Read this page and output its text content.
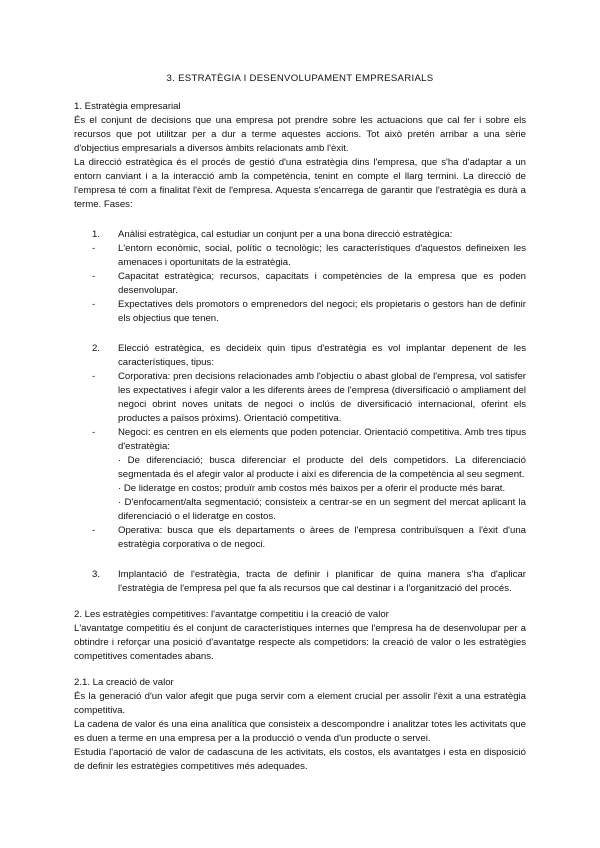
3. ESTRATÈGIA I DESENVOLUPAMENT EMPRESARIALS

1. Estratègia empresarial

És el conjunt de decisions que una empresa pot prendre sobre les actuacions que cal fer i sobre els recursos que pot utilitzar per a dur a terme aquestes accions. Tot això pretén arribar a una sèrie d'objectius empresarials a diversos àmbits relacionats amb l'èxit.

La direcció estratègica és el procés de gestió d'una estratègia dins l'empresa, que s'ha d'adaptar a un entorn canviant i a la interacció amb la competència, tenint en compte el llarg termini. La direcció de l'empresa té com a finalitat l'èxit de l'empresa. Aquesta s'encarrega de garantir que l'estratègia es durà a terme. Fases:

1.	Anàlisi estratègica, cal estudiar un conjunt per a una bona direcció estratègica:
-	L'entorn econòmic, social, polític o tecnològic; les característiques d'aquestos defineixen les amenaces i oportunitats de la estratègia.
-	Capacitat estratègica; recursos, capacitats i competències de la empresa que es poden desenvolupar.
-	Expectatives dels promotors o emprenedors del negoci; els propietaris o gestors han de definir els objectius que tenen.
2.	Elecció estratègica, es decideix quin tipus d'estratègia es vol implantar depenent de les característiques, tipus:
-	Corporativa: pren decisions relacionades amb l'objectiu o abast global de l'empresa, vol satisfer les expectatives i afegir valor a les diferents àrees de l'empresa (diversificació o ampliament del negoci obrint noves unitats de negoci o inclús de diversificació internacional, oferint els productes a països pròxims). Orientació competitiva.
-	Negoci: es centren en els elements que poden potenciar. Orientació competitiva. Amb tres tipus d'estratègia:

· De diferenciació; busca diferenciar el producte del dels competidors. La diferenciació segmentada és el afegir valor al producte i així es diferencia de la competència al seu segment.

· De lideratge en costos; produïr amb costos més baixos per a oferir el producte més barat.

· D'enfocament/alta segmentació; consisteix a centrar-se en un segment del mercat aplicant la diferenciació o el lideratge en costos.

-	Operativa: busca que els departaments o àrees de l'empresa contribuïsquen a l'èxit d'una estratègia corporativa o de negoci.
3.	Implantació de l'estratègia, tracta de definir i planificar de quina manera s'ha d'aplicar l'estratègia de l'empresa pel que fa als recursos que cal destinar i a l'organització del procés.

2. Les estratègies competitives: l'avantatge competitiu i la creació de valor

L'avantatge competitiu és el conjunt de característiques internes que l'empresa ha de desenvolupar per a obtindre i reforçar una posició d'avantatge respecte als competidors: la creació de valor o les estratègies competitives comentades abans.

2.1. La creació de valor

És la generació d'un valor afegit que puga servir com a element crucial per assolir l'èxit a una estratègia competitiva.

La cadena de valor és una eina analítica que consisteix a descompondre i analitzar totes les activitats que es duen a terme en una empresa per a la producció o venda d'un producte o servei.

Estudia l'aportació de valor de cadascuna de les activitats, els costos, els avantatges i esta en disposició de definir les estratègies competitives més adequades.
